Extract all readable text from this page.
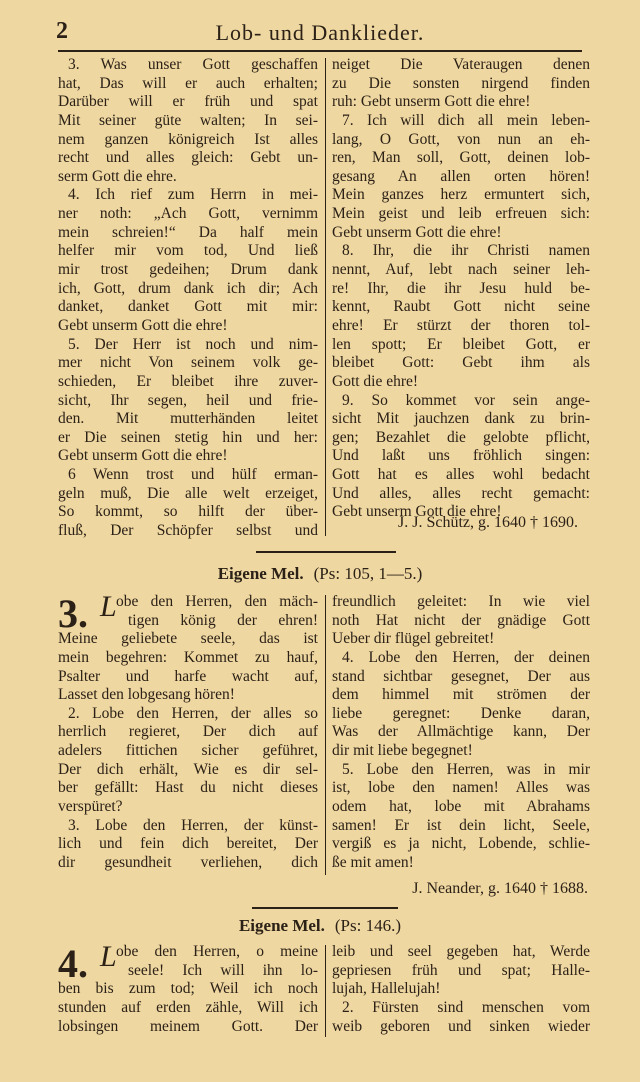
2	Lob- und Danklieder.
3. Was unser Gott geschaffen
hat, Das will er auch erhalten;
Darüber will er früh und spat
Mit seiner güte walten; In sei-
nem ganzen königreich Ist alles
recht und alles gleich: Gebt un-
serm Gott die ehre.
4. Ich rief zum Herrn in mei-
ner noth: „Ach Gott, vernimm
mein schreien!“ Da half mein
helfer mir vom tod, Und ließ
mir trost gedeihen; Drum dank
ich, Gott, drum dank ich dir; Ach
danket, danket Gott mit mir:
Gebt unserm Gott die ehre!
5. Der Herr ist noch und nim-
mer nicht Von seinem volk ge-
schieden, Er bleibet ihre zuver-
sicht, Ihr segen, heil und frie-
den. Mit mutterhänden leitet
er Die seinen stetig hin und her:
Gebt unserm Gott die ehre!
6 Wenn trost und hülf erman-
geln muß, Die alle welt erzeiget,
So kommt, so hilft der über-
fluß, Der Schöpfer selbst und
neiget Die Vateraugen denen
zu Die sonsten nirgend finden
ruh: Gebt unserm Gott die ehre!
7. Ich will dich all mein leben-
lang, O Gott, von nun an eh-
ren, Man soll, Gott, deinen lob-
gesang An allen orten hören!
Mein ganzes herz ermuntert sich,
Mein geist und leib erfreuen sich:
Gebt unserm Gott die ehre!
8. Ihr, die ihr Christi namen
nennt, Auf, lebt nach seiner leh-
re! Ihr, die ihr Jesu huld be-
kennt, Raubt Gott nicht seine
ehre! Er stürzt der thoren tol-
len spott; Er bleibet Gott, er
bleibet Gott: Gebt ihm als
Gott die ehre!
9. So kommet vor sein ange-
sicht Mit jauchzen dank zu brin-
gen; Bezahlet die gelobte pflicht,
Und laßt uns fröhlich singen:
Gott hat es alles wohl bedacht
Und alles, alles recht gemacht:
Gebt unserm Gott die ehre!
J. J. Schütz, g. 1640 † 1690.
Eigene Mel. (Ps: 105, 1—5.)
3. L obe den Herren, den mäch-
tigen könig der ehren!
Meine geliebete seele, das ist
mein begehren: Kommet zu hauf,
Psalter und harfe wacht auf,
Lasset den lobgesang hören!
2. Lobe den Herren, der alles so
herrlich regieret, Der dich auf
adelers fittichen sicher geführet,
Der dich erhält, Wie es dir sel-
ber gefällt: Hast du nicht dieses
verspüret?
3. Lobe den Herren, der künst-
lich und fein dich bereitet, Der
dir gesundheit verliehen, dich
freundlich geleitet: In wie viel
noth Hat nicht der gnädige Gott
Ueber dir flügel gebreitet!
4. Lobe den Herren, der deinen
stand sichtbar gesegnet, Der aus
dem himmel mit strömen der
liebe geregnet: Denke daran,
Was der Allmächtige kann, Der
dir mit liebe begegnet!
5. Lobe den Herren, was in mir
ist, lobe den namen! Alles was
odem hat, lobe mit Abrahams
samen! Er ist dein licht, Seele,
vergiß es ja nicht, Lobende, schlie-
ße mit amen!
J. Neander, g. 1640 † 1688.
Eigene Mel. (Ps: 146.)
4. L obe den Herren, o meine
seele! Ich will ihn lo-
ben bis zum tod; Weil ich noch
stunden auf erden zähle, Will ich
lobsingen meinem Gott. Der
leib und seel gegeben hat, Werde
gepriesen früh und spat; Halle-
lujah, Hallelujah!
2. Fürsten sind menschen vom
weib geboren und sinken wieder
